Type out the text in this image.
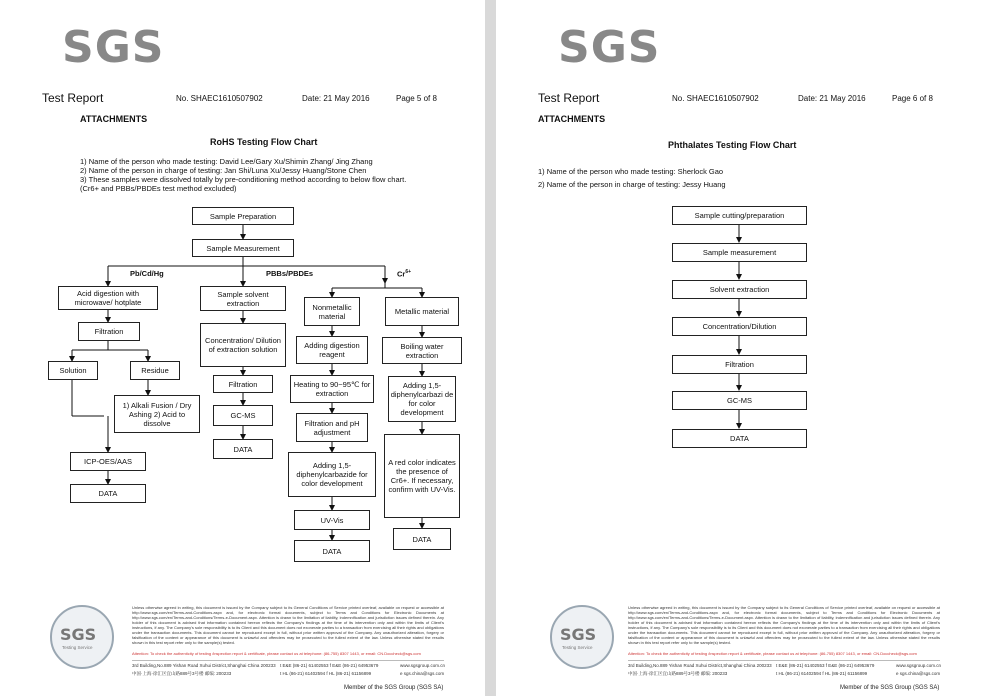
SGS
Test Report	No. SHAEC1610507902	Date: 21 May 2016	Page 5 of 8
ATTACHMENTS
RoHS Testing Flow Chart
1) Name of the person who made testing: David Lee/Gary Xu/Shimin Zhang/ Jing Zhang
2) Name of the person in charge of testing: Jan Shi/Luna Xu/Jessy Huang/Stone Chen
3) These samples were dissolved totally by pre-conditioning method according to below flow chart.
(Cr6+ and PBBs/PBDEs test method excluded)
Pb/Cd/Hg	PBBs/PBDEs	$Cr^{6+}$
Sample Preparation
Sample Measurement
Acid digestion with microwave/ hotplate
Filtration
Solution	Residue
1) Alkali Fusion / Dry Ashing 2) Acid to dissolve
ICP-OES/AAS
DATA
Sample solvent extraction
Concentration/ Dilution of extraction solution
Filtration
GC-MS
DATA
Nonmetallic material
Adding digestion reagent
Heating to 90~95℃ for extraction
Filtration and pH adjustment
Adding 1,5-diphenylcarbazide for color development
UV-Vis
DATA
Metallic material
Boiling water extraction
Adding 1,5-diphenylcarbazi de for color development
A red color indicates the presence of Cr6+. If necessary, confirm with UV-Vis.
DATA
SGS
Testing Service
Unless otherwise agreed in writing, this document is issued by the Company subject to its General Conditions of Service printed overleaf, available on request or accessible at http://www.sgs.com/en/Terms-and-Conditions.aspx and, for electronic format documents, subject to Terms and Conditions for Electronic Documents at http://www.sgs.com/en/Terms-and-Conditions/Terms-e-Document.aspx. Attention is drawn to the limitation of liability, indemnification and jurisdiction issues defined therein. Any holder of this document is advised that information contained hereon reflects the Company's findings at the time of its intervention only and within the limits of Client's instructions, if any. The Company's sole responsibility is to its Client and this document does not exonerate parties to a transaction from exercising all their rights and obligations under the transaction documents. This document cannot be reproduced except in full, without prior written approval of the Company. Any unauthorized alteration, forgery or falsification of the content or appearance of this document is unlawful and offenders may be prosecuted to the fullest extent of the law. Unless otherwise stated the results shown in this test report refer only to the sample(s) tested.
Attention: To check the authenticity of testing /inspection report & certificate, please contact us at telephone: (86-755) 8307 1443, or email: CN.Doccheck@sgs.com
3rd Building,No.889 Yishan Road Xuhui District,Shanghai China 200233 t E&E (86-21) 61402553 f E&E (86-21) 64953679	www.sgsgroup.com.cn
中国·上海·徐汇区宜山路889号3号楼 邮编: 200233	t HL (86-21) 61402594 f HL (86-21) 61156899	e sgs.china@sgs.com
Member of the SGS Group (SGS SA)
SGS
Test Report	No. SHAEC1610507902	Date: 21 May 2016	Page 6 of 8
ATTACHMENTS
Phthalates Testing Flow Chart
1) Name of the person who made testing: Sherlock Gao
2) Name of the person in charge of testing: Jessy Huang
Sample cutting/preparation
Sample measurement
Solvent extraction
Concentration/Dilution
Filtration
GC-MS
DATA
SGS
Testing Service
Unless otherwise agreed in writing, this document is issued by the Company subject to its General Conditions of Service printed overleaf, available on request or accessible at http://www.sgs.com/en/Terms-and-Conditions.aspx and, for electronic format documents, subject to Terms and Conditions for Electronic Documents at http://www.sgs.com/en/Terms-and-Conditions/Terms-e-Document.aspx. Attention is drawn to the limitation of liability, indemnification and jurisdiction issues defined therein. Any holder of this document is advised that information contained hereon reflects the Company's findings at the time of its intervention only and within the limits of Client's instructions, if any. The Company's sole responsibility is to its Client and this document does not exonerate parties to a transaction from exercising all their rights and obligations under the transaction documents. This document cannot be reproduced except in full, without prior written approval of the Company. Any unauthorized alteration, forgery or falsification of the content or appearance of this document is unlawful and offenders may be prosecuted to the fullest extent of the law. Unless otherwise stated the results shown in this test report refer only to the sample(s) tested.
Attention: To check the authenticity of testing /inspection report & certificate, please contact us at telephone: (86-755) 8307 1443, or email: CN.Doccheck@sgs.com
3rd Building,No.889 Yishan Road Xuhui District,Shanghai China 200233 t E&E (86-21) 61402553 f E&E (86-21) 64953679	www.sgsgroup.com.cn
中国·上海·徐汇区宜山路889号3号楼 邮编: 200233	t HL (86-21) 61402594 f HL (86-21) 61156899	e sgs.china@sgs.com
Member of the SGS Group (SGS SA)
